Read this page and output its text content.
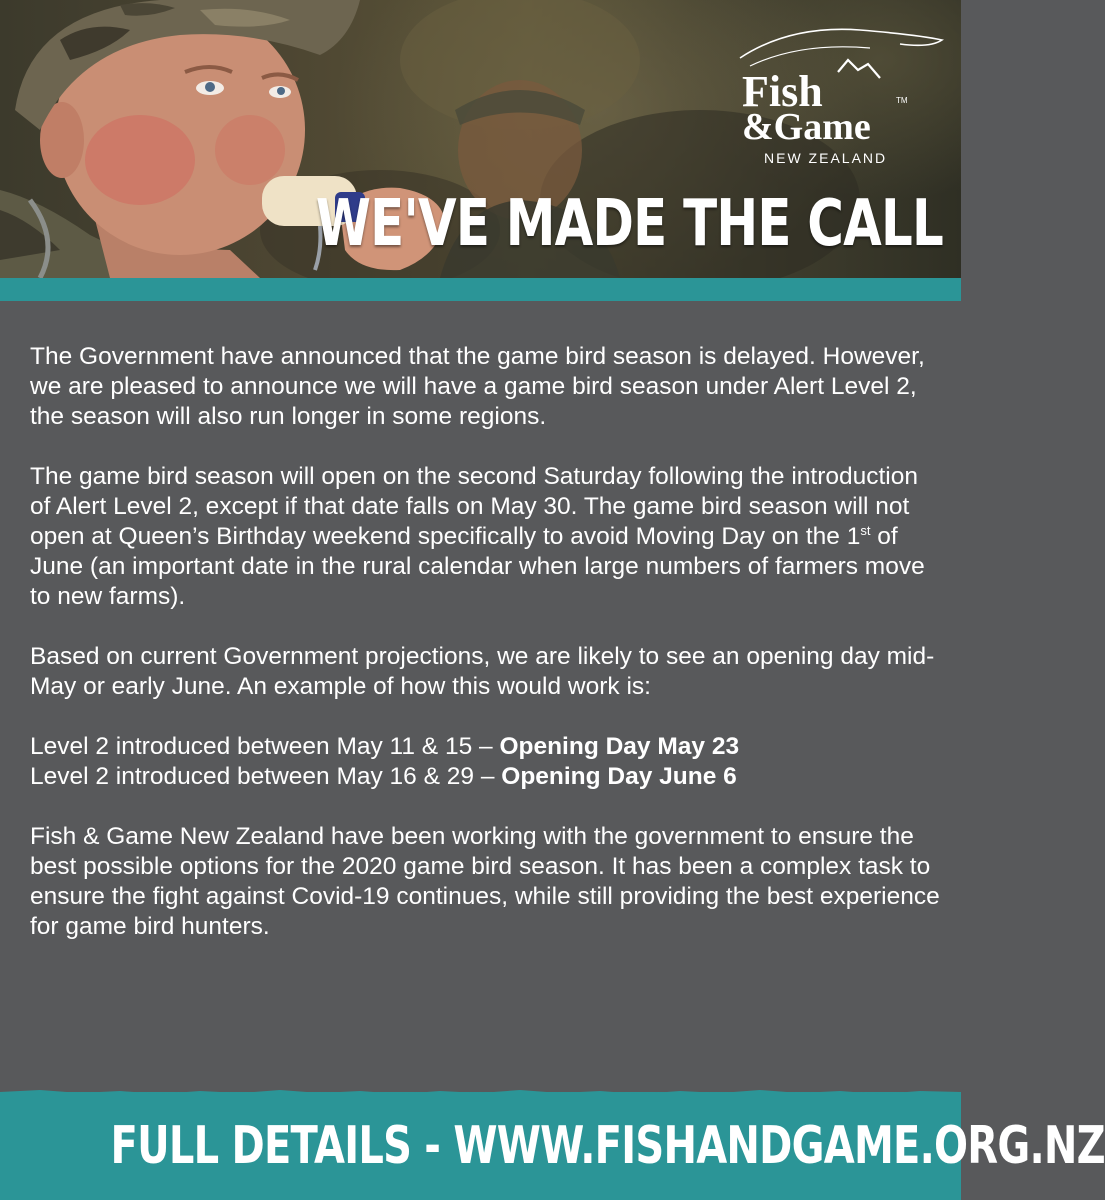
Fish	TM
&Game
NEW ZEALAND
WE'VE MADE THE CALL

The Government have announced that the game bird season is delayed. However, we are pleased to announce we will have a game bird season under Alert Level 2, the season will also run longer in some regions.

The game bird season will open on the second Saturday following the introduction of Alert Level 2, except if that date falls on May 30. The game bird season will not open at Queen’s Birthday weekend specifically to avoid Moving Day on the 1st of June (an important date in the rural calendar when large numbers of farmers move to new farms).

Based on current Government projections, we are likely to see an opening day mid-May or early June. An example of how this would work is:

Level 2 introduced between May 11 & 15 – Opening Day May 23
Level 2 introduced between May 16 & 29 – Opening Day June 6

Fish & Game New Zealand have been working with the government to ensure the best possible options for the 2020 game bird season. It has been a complex task to ensure the fight against Covid-19 continues, while still providing the best experience for game bird hunters.

FULL DETAILS - WWW.FISHANDGAME.ORG.NZ
